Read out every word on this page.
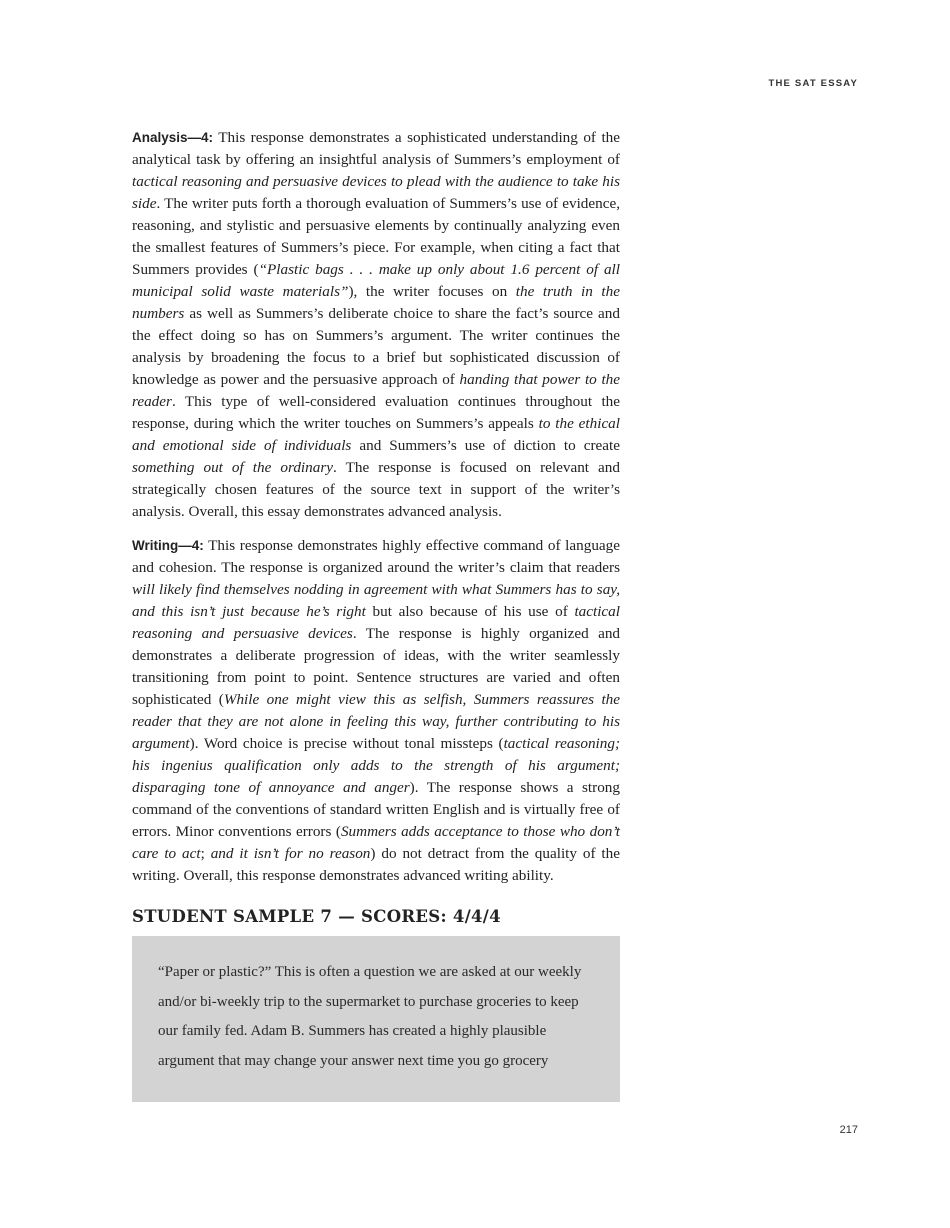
THE SAT ESSAY

Analysis—4: This response demonstrates a sophisticated understanding of the analytical task by offering an insightful analysis of Summers’s employment of tactical reasoning and persuasive devices to plead with the audience to take his side. The writer puts forth a thorough evaluation of Summers’s use of evidence, reasoning, and stylistic and persuasive elements by continually analyzing even the smallest features of Summers’s piece. For example, when citing a fact that Summers provides (“Plastic bags . . . make up only about 1.6 percent of all municipal solid waste materials”), the writer focuses on the truth in the numbers as well as Summers’s deliberate choice to share the fact’s source and the effect doing so has on Summers’s argument. The writer continues the analysis by broadening the focus to a brief but sophisticated discussion of knowledge as power and the persuasive approach of handing that power to the reader. This type of well-considered evaluation continues throughout the response, during which the writer touches on Summers’s appeals to the ethical and emotional side of individuals and Summers’s use of diction to create something out of the ordinary. The response is focused on relevant and strategically chosen features of the source text in support of the writer’s analysis. Overall, this essay demonstrates advanced analysis.

Writing—4: This response demonstrates highly effective command of language and cohesion. The response is organized around the writer’s claim that readers will likely find themselves nodding in agreement with what Summers has to say, and this isn’t just because he’s right but also because of his use of tactical reasoning and persuasive devices. The response is highly organized and demonstrates a deliberate progression of ideas, with the writer seamlessly transitioning from point to point. Sentence structures are varied and often sophisticated (While one might view this as selfish, Summers reassures the reader that they are not alone in feeling this way, further contributing to his argument). Word choice is precise without tonal missteps (tactical reasoning; his ingenius qualification only adds to the strength of his argument; disparaging tone of annoyance and anger). The response shows a strong command of the conventions of standard written English and is virtually free of errors. Minor conventions errors (Summers adds acceptance to those who don’t care to act; and it isn’t for no reason) do not detract from the quality of the writing. Overall, this response demonstrates advanced writing ability.

STUDENT SAMPLE 7 — SCORES: 4/4/4

“Paper or plastic?” This is often a question we are asked at our weekly and/or bi-weekly trip to the supermarket to purchase groceries to keep our family fed. Adam B. Summers has created a highly plausible argument that may change your answer next time you go grocery

217
